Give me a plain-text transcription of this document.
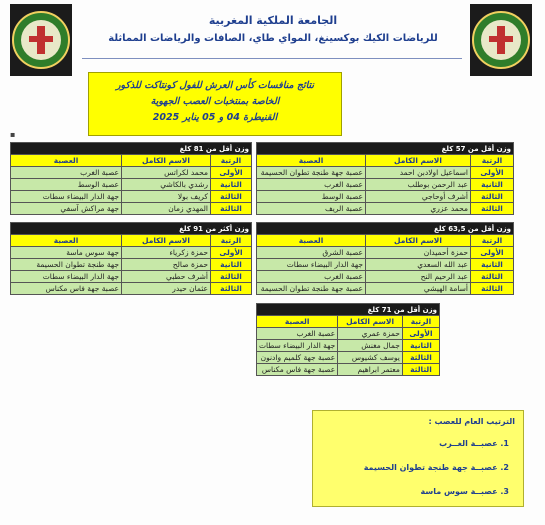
الجامعة الملكية المغربية
للرياضات الكيك بوكسينغ، المواي طاي، الصافات والرياضات المماثلة
نتائج منافسات كأس العرش للفول كونتاكت للذكور
الخاصة بمنتخبات العصب الجهوية
القنيطرة 04 و 05 يناير 2025
▪
وزن أقل من 57 كلغ		
الرتبة	الاسم الكامل	العصبة
الأولى	اسماعيل اولادبن احمد	عصبة جهة طنجة تطوان الحسيمة
الثانية	عبد الرحمن بوطلب	عصبة الغرب
الثالثة	أشرف أوحاجي	عصبة الوسط
الثالثة	محمد عزري	عصبة الريف
وزن أقل من 81 كلغ		
الرتبة	الاسم الكامل	العصبة
الأولى	محمد لكراتس	عصبة الغرب
الثانية	رشدي بالكاشي	عصبة الوسط
الثالثة	كريف بولا	جهة الدار البيضاء سطات
الثالثة	المهدي زمان	جهة مراكش آسفي
وزن أقل من 63,5 كلغ		
الرتبة	الاسم الكامل	العصبة
الأولى	حمزة أحميدان	عصبة الشرق
الثانية	عبد الله السعدي	جهة الدار البيضاء سطات
الثالثة	عبد الرحيم النح	عصبة الغرب
الثالثة	أسامة الهيشي	عصبة جهة طنجة تطوان الحسيمة
وزن أكثر من 91 كلغ		
الرتبة	الاسم الكامل	العصبة
الأولى	حمزة زكرياء	جهة سوس ماسة
الثانية	حمزة صالح	جهة طنجة تطوان الحسيمة
الثالثة	أشرف حطبي	جهة الدار البيضاء سطات
الثالثة	عثمان حيدر	عصبة جهة فاس مكناس
وزن أقل من 71 كلغ		
الرتبة	الاسم الكامل	العصبة
الأولى	حمزة عمري	عصبة الغرب
الثانية	جمال مغنش	جهة الدار البيضاء سطات
الثالثة	يوسف كشيوس	عصبة جهة كلميم وادنون
الثالثة	معتمر ابراهيم	عصبة جهة فاس مكناس
الترتيب العام للعصب :
1. عصبــة الغــرب
2. عصبــة جهة طنجة تطوان الحسيمة
3. عصبــة سوس ماسة
